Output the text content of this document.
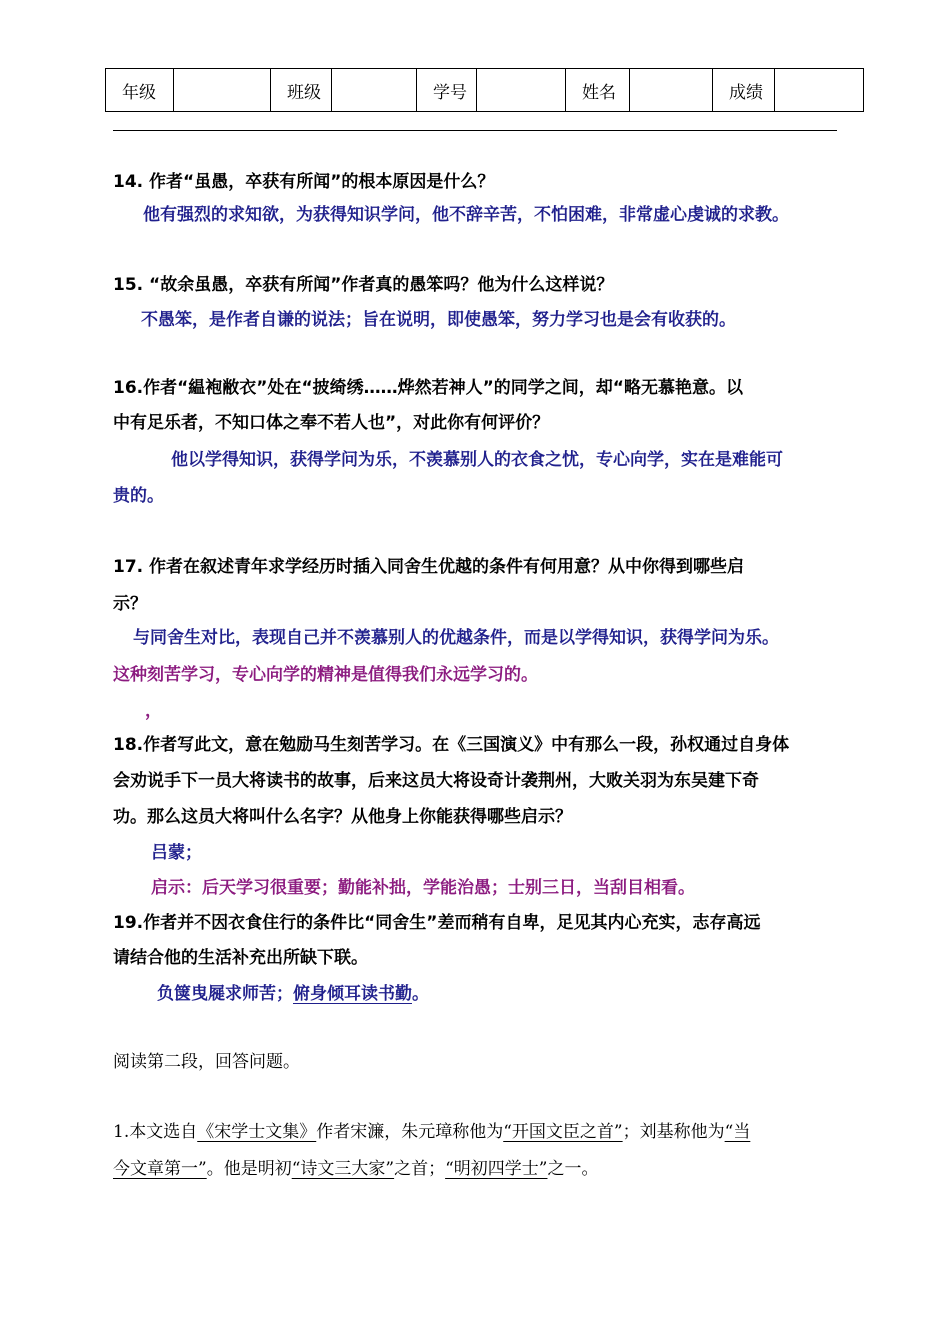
年级		班级		学号		姓名		成绩	
14. 作者“虽愚，卒获有所闻”的根本原因是什么？
他有强烈的求知欲，为获得知识学问，他不辞辛苦，不怕困难，非常虚心虔诚的求教。
15. “故余虽愚，卒获有所闻”作者真的愚笨吗？他为什么这样说？
不愚笨，是作者自谦的说法；旨在说明，即使愚笨，努力学习也是会有收获的。
16.作者“緼袍敝衣”处在“披绮绣……烨然若神人”的同学之间，却“略无慕艳意。以
中有足乐者，不知口体之奉不若人也”，对此你有何评价？
他以学得知识，获得学问为乐，不羡慕别人的衣食之忧，专心向学，实在是难能可
贵的。
17. 作者在叙述青年求学经历时插入同舍生优越的条件有何用意？从中你得到哪些启
示？
与同舍生对比，表现自己并不羡慕别人的优越条件，而是以学得知识，获得学问为乐。
这种刻苦学习，专心向学的精神是值得我们永远学习的。
，
18.作者写此文，意在勉励马生刻苦学习。在《三国演义》中有那么一段，孙权通过自身体
会劝说手下一员大将读书的故事，后来这员大将设奇计袭荆州，大败关羽为东吴建下奇
功。那么这员大将叫什么名字？从他身上你能获得哪些启示？
吕蒙；
启示：后天学习很重要；勤能补拙，学能治愚；士别三日，当刮目相看。
19.作者并不因衣食住行的条件比“同舍生”差而稍有自卑，足见其内心充实，志存高远
请结合他的生活补充出所缺下联。
负箧曳屣求师苦；俯身倾耳读书勤。
阅读第二段，回答问题。
1.本文选自《宋学士文集》作者宋濂，朱元璋称他为“开国文臣之首”；刘基称他为“当
今文章第一”。他是明初“诗文三大家”之首；“明初四学士”之一。
